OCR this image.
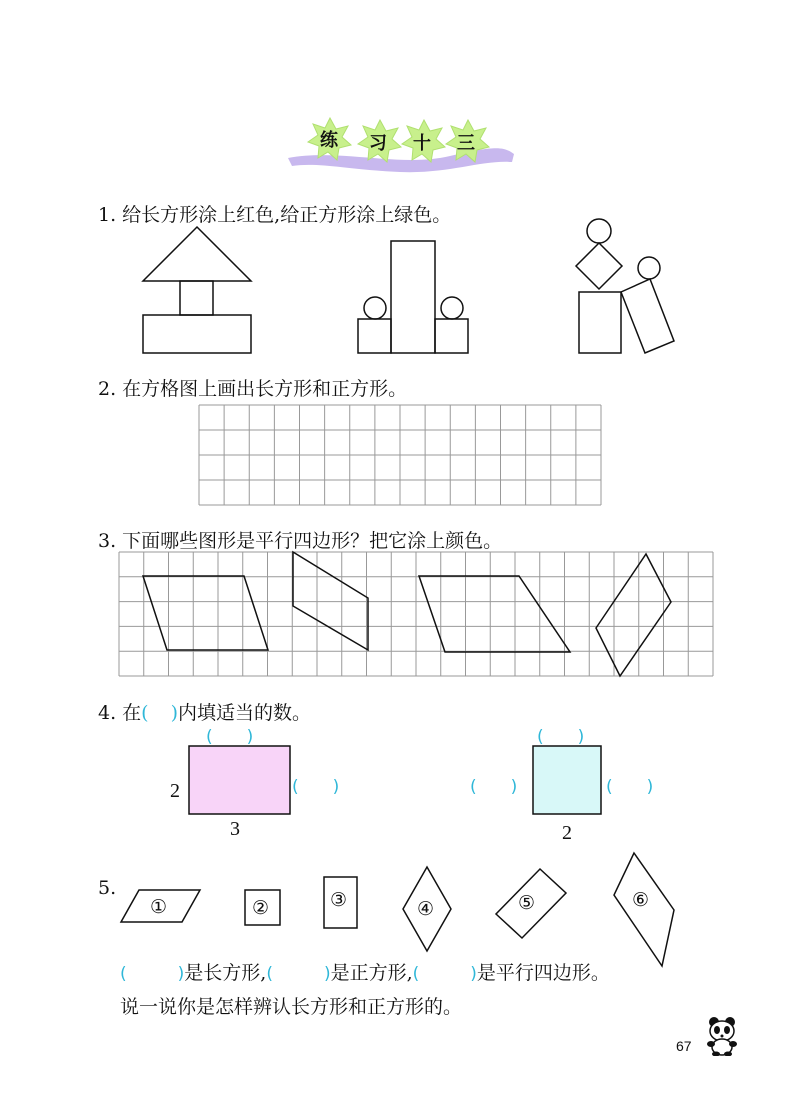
练 习 十 三
1. 给长方形涂上红色,给正方形涂上绿色。
2. 在方格图上画出长方形和正方形。
3. 下面哪些图形是平行四边形？把它涂上颜色。
4. 在( )内填适当的数。
(　　)
(　　)
2
3
(　　)
(　　)	(　　)
2
5.
①	②	③	④	⑤	⑥
(　　　)是长方形,(　　　)是正方形,(　　　)是平行四边形。
说一说你是怎样辨认长方形和正方形的。
67
